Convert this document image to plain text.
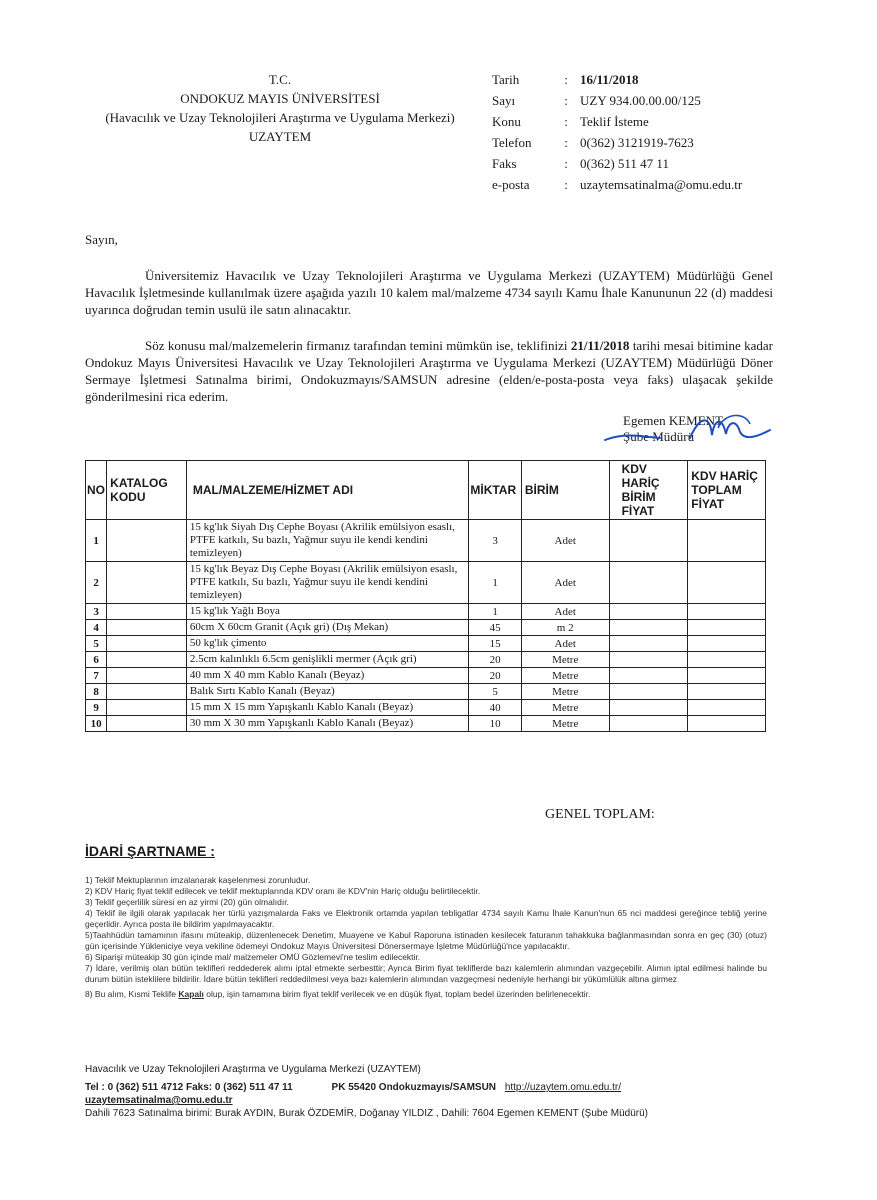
T.C.
ONDOKUZ MAYIS ÜNİVERSİTESİ
(Havacılık ve Uzay Teknolojileri Araştırma ve Uygulama Merkezi)
UZAYTEM
Tarih	: 16/11/2018
Sayı	: UZY 934.00.00.00/125
Konu	: Teklif İsteme
Telefon	: 0(362) 3121919-7623
Faks	: 0(362) 511 47 11
e-posta	: uzaytemsatinalma@omu.edu.tr
Sayın,
Üniversitemiz Havacılık ve Uzay Teknolojileri Araştırma ve Uygulama Merkezi (UZAYTEM) Müdürlüğü Genel Havacılık İşletmesinde kullanılmak üzere aşağıda yazılı 10 kalem mal/malzeme 4734 sayılı Kamu İhale Kanununun 22 (d) maddesi uyarınca doğrudan temin usulü ile satın alınacaktır.
Söz konusu mal/malzemelerin firmanız tarafından temini mümkün ise, teklifinizi 21/11/2018 tarihi mesai bitimine kadar Ondokuz Mayıs Üniversitesi Havacılık ve Uzay Teknolojileri Araştırma ve Uygulama Merkezi (UZAYTEM) Müdürlüğü Döner Sermaye İşletmesi Satınalma birimi, Ondokuzmayıs/SAMSUN adresine (elden/e-posta-posta veya faks) ulaşacak şekilde gönderilmesini rica ederim.
Egemen KEMENT
Şube Müdürü
NO	KATALOG KODU	MAL/MALZEME/HİZMET ADI	MİKTAR	BİRİM	KDV HARİÇ BİRİM FİYAT	KDV HARİÇ TOPLAM FİYAT
1		15 kg'lık Siyah Dış Cephe Boyası (Akrilik emülsiyon esaslı, PTFE katkılı, Su bazlı, Yağmur suyu ile kendi kendini temizleyen)	3	Adet		
2		15 kg'lık Beyaz Dış Cephe Boyası (Akrilik emülsiyon esaslı, PTFE katkılı, Su bazlı, Yağmur suyu ile kendi kendini temizleyen)	1	Adet		
3		15 kg'lık Yağlı Boya	1	Adet		
4		60cm X 60cm Granit (Açık gri) (Dış Mekan)	45	m 2		
5		50 kg'lık çimento	15	Adet		
6		2.5cm kalınlıklı 6.5cm genişlikli mermer (Açık gri)	20	Metre		
7		40 mm X 40 mm Kablo Kanalı (Beyaz)	20	Metre		
8		Balık Sırtı Kablo Kanalı (Beyaz)	5	Metre		
9		15 mm X 15 mm Yapışkanlı Kablo Kanalı (Beyaz)	40	Metre		
10		30 mm X 30 mm Yapışkanlı Kablo Kanalı (Beyaz)	10	Metre		
GENEL TOPLAM:
İDARİ ŞARTNAME :
1) Teklif Mektuplarının imzalanarak kaşelenmesi zorunludur.
2) KDV Hariç fiyat teklif edilecek ve teklif mektuplarında KDV oranı ile KDV'nin Hariç olduğu belirtilecektir.
3) Teklif geçerlilik süresi en az yirmi (20) gün olmalıdır.
4) Teklif ile ilgili olarak yapılacak her türlü yazışmalarda Faks ve Elektronik ortamda yapılan tebligatlar 4734 sayılı Kamu İhale Kanun'nun 65 nci maddesi gereğince tebliğ yerine geçerlidir. Ayrıca posta ile bildirim yapılmayacaktır.
5)Taahhüdün tamamının ifasını müteakip, düzenlenecek Denetim, Muayene ve Kabul Raporuna istinaden kesilecek faturanın tahakkuka bağlanmasından sonra en geç (30) (otuz) gün içerisinde Yükleniciye veya vekiline ödemeyi Ondokuz Mayıs Üniversitesi Dönersermaye İşletme Müdürlüğü'nce yapılacaktır.
6) Siparişi müteakip 30 gün içinde mal/ malzemeler OMÜ Gözlemevi'ne teslim edilecektir.
7) İdare, verilmiş olan bütün teklifleri reddederek alımı iptal etmekte serbesttir; Ayrıca Birim fiyat tekliflerde bazı kalemlerin alımından vazgeçebilir. Alımın iptal edilmesi halinde bu durum bütün isteklilere bildirilir. İdare bütün teklifleri reddedilmesi veya bazı kalemlerin alımından vazgeçmesi nedeniyle herhangi bir yükümlülük altına girmez
8) Bu alım, Kısmi Teklife Kapalı olup, işin tamamına birim fiyat teklif verilecek ve en düşük fiyat, toplam bedel üzerinden belirlenecektir.
Havacılık ve Uzay Teknolojileri Araştırma ve Uygulama Merkezi (UZAYTEM)
Tel : 0 (362) 511 4712 Faks: 0 (362) 511 47 11	PK 55420 Ondokuzmayıs/SAMSUN http://uzaytem.omu.edu.tr/
uzaytemsatinalma@omu.edu.tr
Dahili 7623 Satınalma birimi: Burak AYDIN, Burak ÖZDEMİR, Doğanay YILDIZ , Dahili: 7604 Egemen KEMENT (Şube Müdürü)
